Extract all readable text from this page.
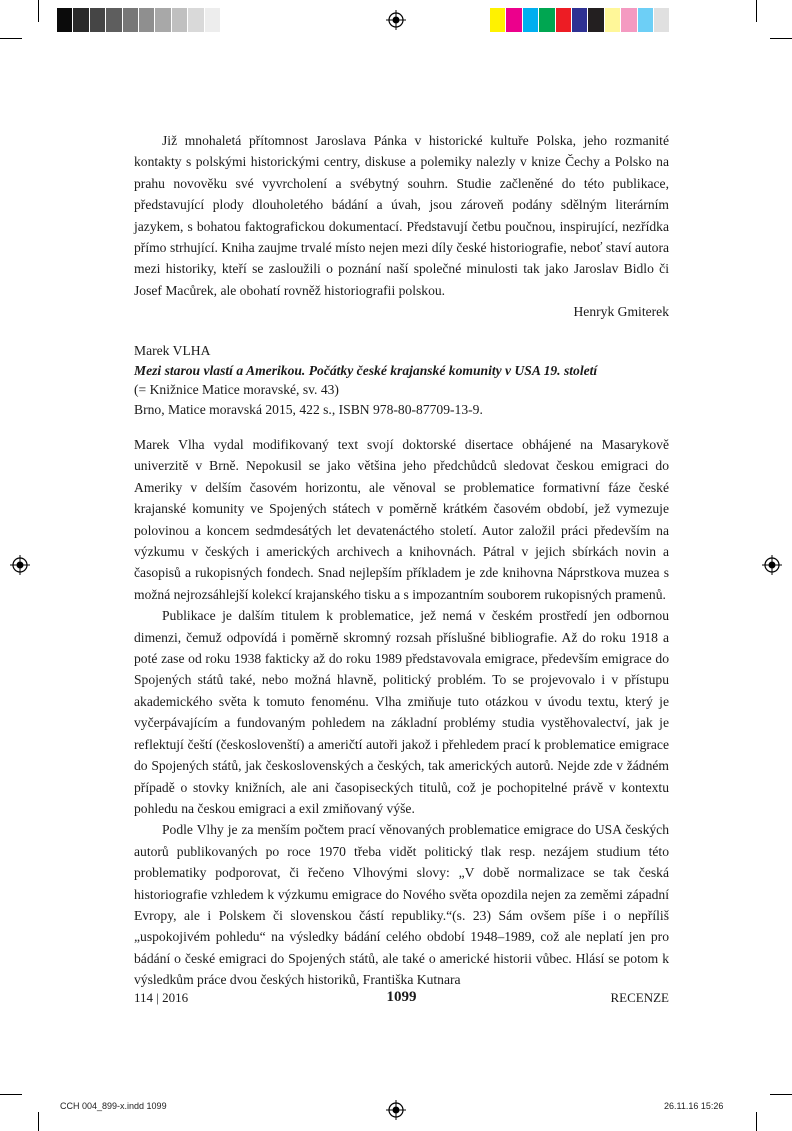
Již mnohaletá přítomnost Jaroslava Pánka v historické kultuře Polska, jeho rozmanité kontakty s polskými historickými centry, diskuse a polemiky nalezly v knize Čechy a Polsko na prahu novověku své vyvrcholení a svébytný souhrn. Studie začleněné do této publikace, představující plody dlouholetého bádání a úvah, jsou zároveň podány sdělným literárním jazykem, s bohatou faktografickou dokumentací. Představují četbu poučnou, inspirující, nezřídka přímo strhující. Kniha zaujme trvalé místo nejen mezi díly české historiografie, neboť staví autora mezi historiky, kteří se zasloužili o poznání naší společné minulosti tak jako Jaroslav Bidlo či Josef Macůrek, ale obohatí rovněž historiografii polskou.

Henryk Gmiterek

Marek VLHA
Mezi starou vlastí a Amerikou. Počátky české krajanské komunity v USA 19. století
(= Knižnice Matice moravské, sv. 43)
Brno, Matice moravská 2015, 422 s., ISBN 978-80-87709-13-9.

Marek Vlha vydal modifikovaný text svojí doktorské disertace obhájené na Masarykově univerzitě v Brně. Nepokusil se jako většina jeho předchůdců sledovat českou emigraci do Ameriky v delším časovém horizontu, ale věnoval se problematice formativní fáze české krajanské komunity ve Spojených státech v poměrně krátkém časovém období, jež vymezuje polovinou a koncem sedmdesátých let devatenáctého století. Autor založil práci především na výzkumu v českých i amerických archivech a knihovnách. Pátral v jejich sbírkách novin a časopisů a rukopisných fondech. Snad nejlepším příkladem je zde knihovna Náprstkova muzea s možná nejrozsáhlejší kolekcí krajanského tisku a s impozantním souborem rukopisných pramenů.

Publikace je dalším titulem k problematice, jež nemá v českém prostředí jen odbornou dimenzi, čemuž odpovídá i poměrně skromný rozsah příslušné bibliografie. Až do roku 1918 a poté zase od roku 1938 fakticky až do roku 1989 představovala emigrace, především emigrace do Spojených států také, nebo možná hlavně, politický problém. To se projevovalo i v přístupu akademického světa k tomuto fenoménu. Vlha zmiňuje tuto otázkou v úvodu textu, který je vyčerpávajícím a fundovaným pohledem na základní problémy studia vystěhovalectví, jak je reflektují čeští (českoslovenští) a američtí autoři jakož i přehledem prací k problematice emigrace do Spojených států, jak československých a českých, tak amerických autorů. Nejde zde v žádném případě o stovky knižních, ale ani časopiseckých titulů, což je pochopitelné právě v kontextu pohledu na českou emigraci a exil zmiňovaný výše.

Podle Vlhy je za menším počtem prací věnovaných problematice emigrace do USA českých autorů publikovaných po roce 1970 třeba vidět politický tlak resp. nezájem studium této problematiky podporovat, či řečeno Vlhovými slovy: „V době normalizace se tak česká historiografie vzhledem k výzkumu emigrace do Nového světa opozdila nejen za zeměmi západní Evropy, ale i Polskem či slovenskou částí republiky.“(s. 23) Sám ovšem píše i o nepříliš „uspokojivém pohledu“ na výsledky bádání celého období 1948–1989, což ale neplatí jen pro bádání o české emigraci do Spojených států, ale také o americké historii vůbec. Hlásí se potom k výsledkům práce dvou českých historiků, Františka Kutnara

114 | 2016	1099	RECENZE
CCH 004_899-x.indd 1099	26.11.16 15:26
